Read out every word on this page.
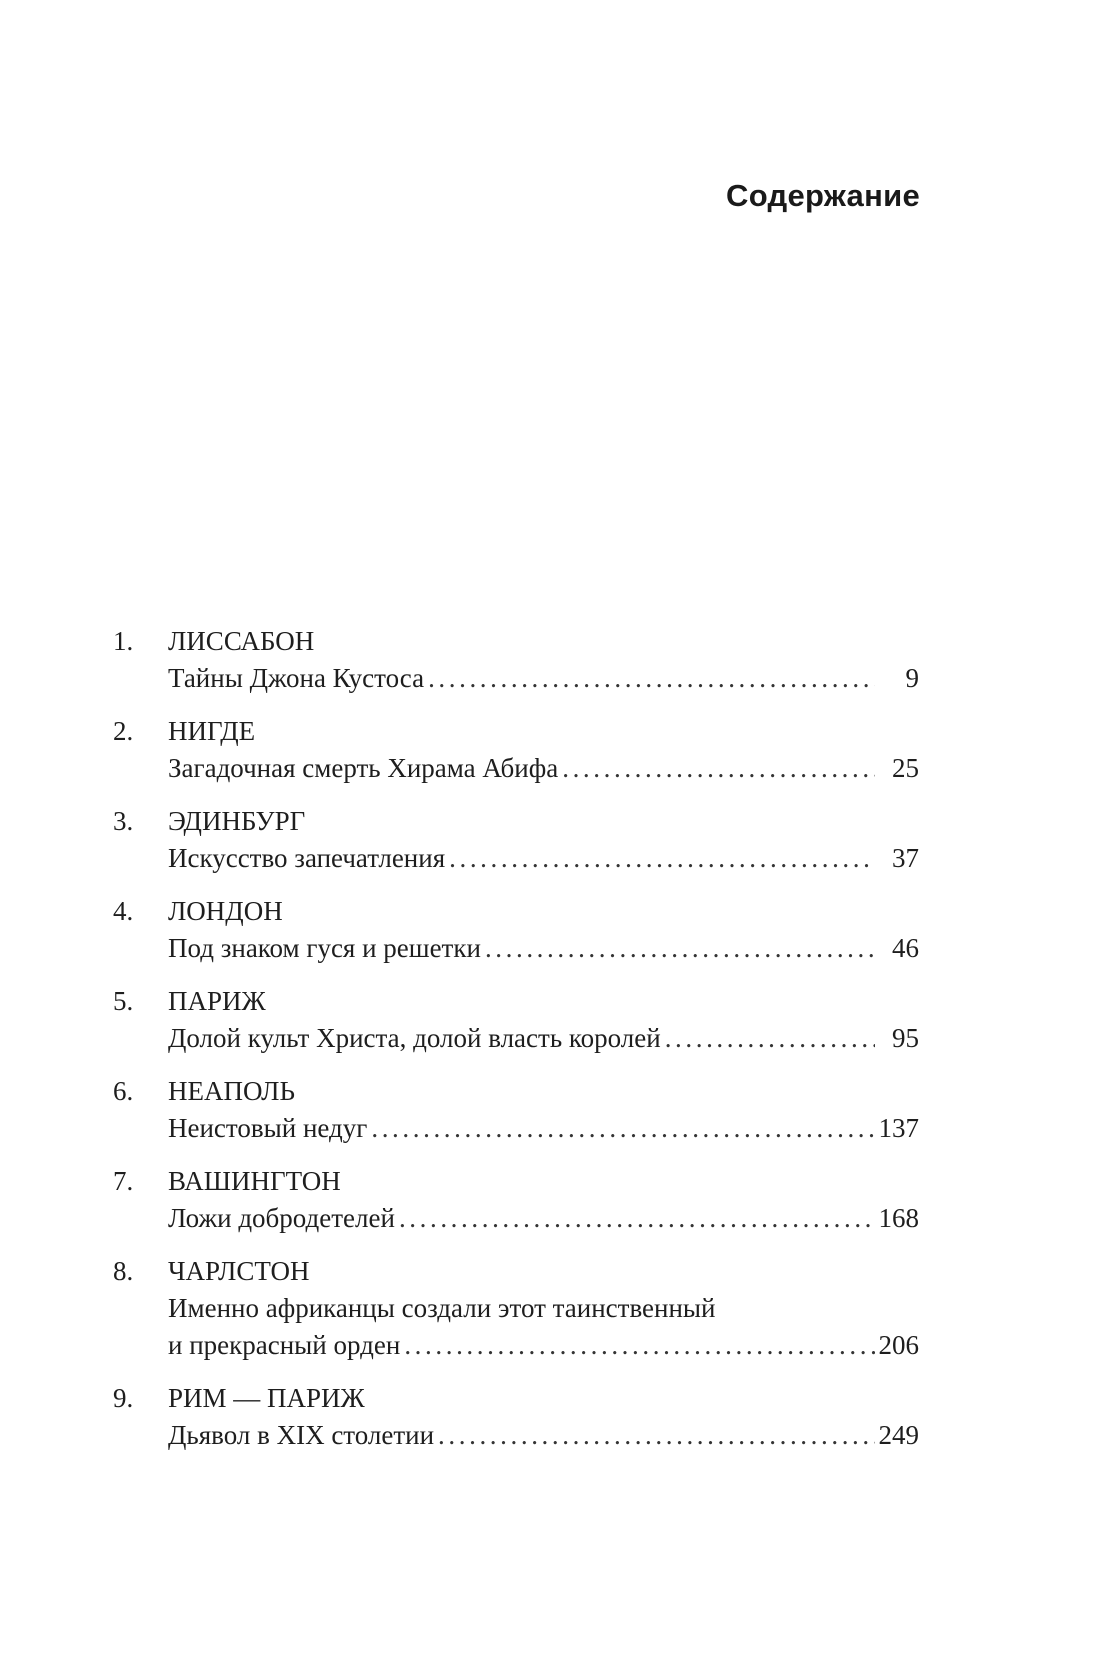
Содержание
1.	ЛИССАБОН
Тайны Джона Кустоса .....	9
2.	НИГДЕ
Загадочная смерть Хирама Абифа .....	25
3.	ЭДИНБУРГ
Искусство запечатления .....	37
4.	ЛОНДОН
Под знаком гуся и решетки .....	46
5.	ПАРИЖ
Долой культ Христа, долой власть королей .....	95
6.	НЕАПОЛЬ
Неистовый недуг .....	137
7.	ВАШИНГТОН
Ложи добродетелей .....	168
8.	ЧАРЛСТОН
Именно африканцы создали этот таинственный
и прекрасный орден .....	206
9.	РИМ — ПАРИЖ
Дьявол в XIX столетии .....	249
